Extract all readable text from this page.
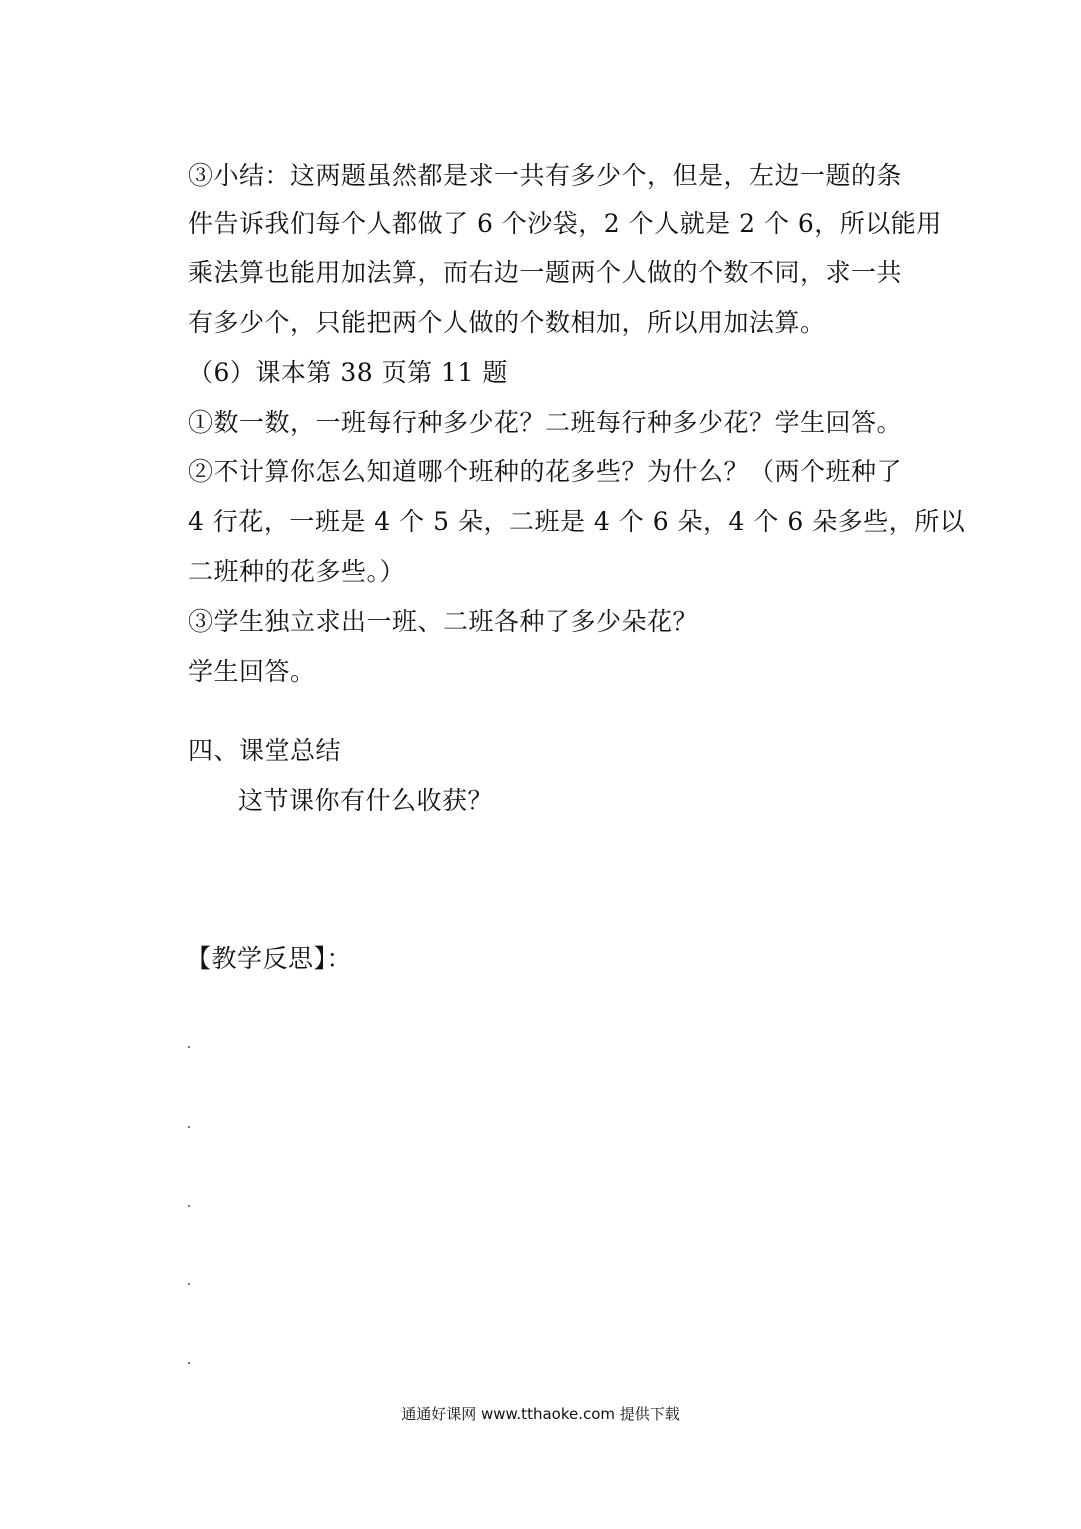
③小结：这两题虽然都是求一共有多少个，但是，左边一题的条
件告诉我们每个人都做了 6 个沙袋，2 个人就是 2 个 6，所以能用
乘法算也能用加法算，而右边一题两个人做的个数不同，求一共
有多少个，只能把两个人做的个数相加，所以用加法算。
（6）课本第 38 页第 11 题
①数一数，一班每行种多少花？二班每行种多少花？学生回答。
②不计算你怎么知道哪个班种的花多些？为什么？（两个班种了
4 行花，一班是 4 个 5 朵，二班是 4 个 6 朵，4 个 6 朵多些，所以
二班种的花多些。）
③学生独立求出一班、二班各种了多少朵花？
学生回答。
四、课堂总结
这节课你有什么收获？
【教学反思】：
通通好课网 www.tthaoke.com 提供下载
